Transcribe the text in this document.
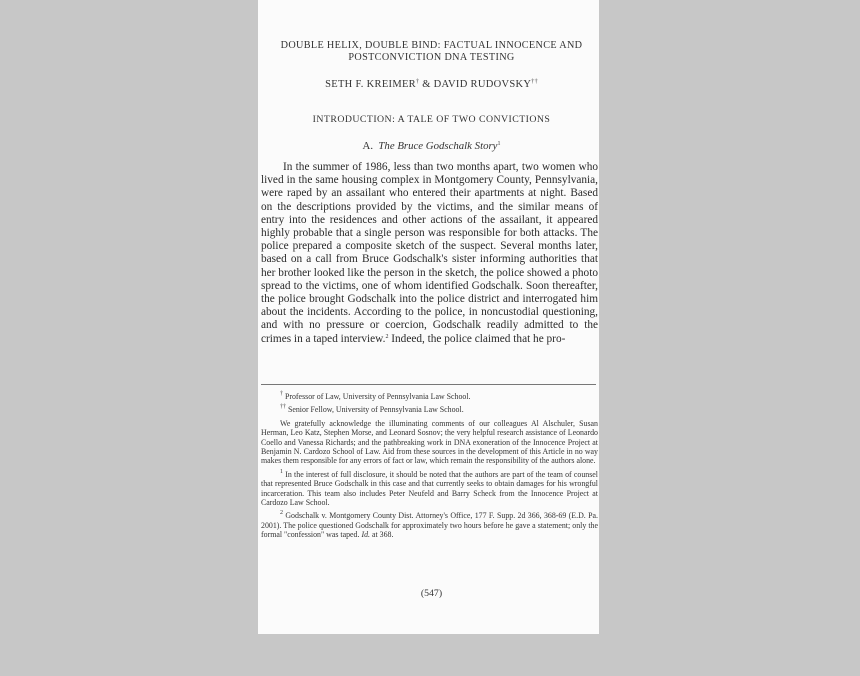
DOUBLE HELIX, DOUBLE BIND: FACTUAL INNOCENCE AND
POSTCONVICTION DNA TESTING
SETH F. KREIMER† & DAVID RUDOVSKY††
INTRODUCTION: A TALE OF TWO CONVICTIONS
A. The Bruce Godschalk Story$^1$

In the summer of 1986, less than two months apart, two women who lived in the same housing complex in Montgomery County, Pennsylvania, were raped by an assailant who entered their apartments at night. Based on the descriptions provided by the victims, and the similar means of entry into the residences and other actions of the assailant, it appeared highly probable that a single person was responsible for both attacks. The police prepared a composite sketch of the suspect. Several months later, based on a call from Bruce Godschalk's sister informing authorities that her brother looked like the person in the sketch, the police showed a photo spread to the victims, one of whom identified Godschalk. Soon thereafter, the police brought Godschalk into the police district and interrogated him about the incidents. According to the police, in noncustodial questioning, and with no pressure or coercion, Godschalk readily admitted to the crimes in a taped interview.$^2$ Indeed, the police claimed that he pro-

† Professor of Law, University of Pennsylvania Law School.

†† Senior Fellow, University of Pennsylvania Law School.

We gratefully acknowledge the illuminating comments of our colleagues Al Alschuler, Susan Herman, Leo Katz, Stephen Morse, and Leonard Sosnov; the very helpful research assistance of Leonardo Coello and Vanessa Richards; and the pathbreaking work in DNA exoneration of the Innocence Project at Benjamin N. Cardozo School of Law. Aid from these sources in the development of this Article in no way makes them responsible for any errors of fact or law, which remain the responsibility of the authors alone.

$^1$ In the interest of full disclosure, it should be noted that the authors are part of the team of counsel that represented Bruce Godschalk in this case and that currently seeks to obtain damages for his wrongful incarceration. This team also includes Peter Neufeld and Barry Scheck from the Innocence Project at Cardozo Law School.

$^2$ Godschalk v. Montgomery County Dist. Attorney's Office, 177 F. Supp. 2d 366, 368-69 (E.D. Pa. 2001). The police questioned Godschalk for approximately two hours before he gave a statement; only the formal "confession" was taped. Id. at 368.

(547)
